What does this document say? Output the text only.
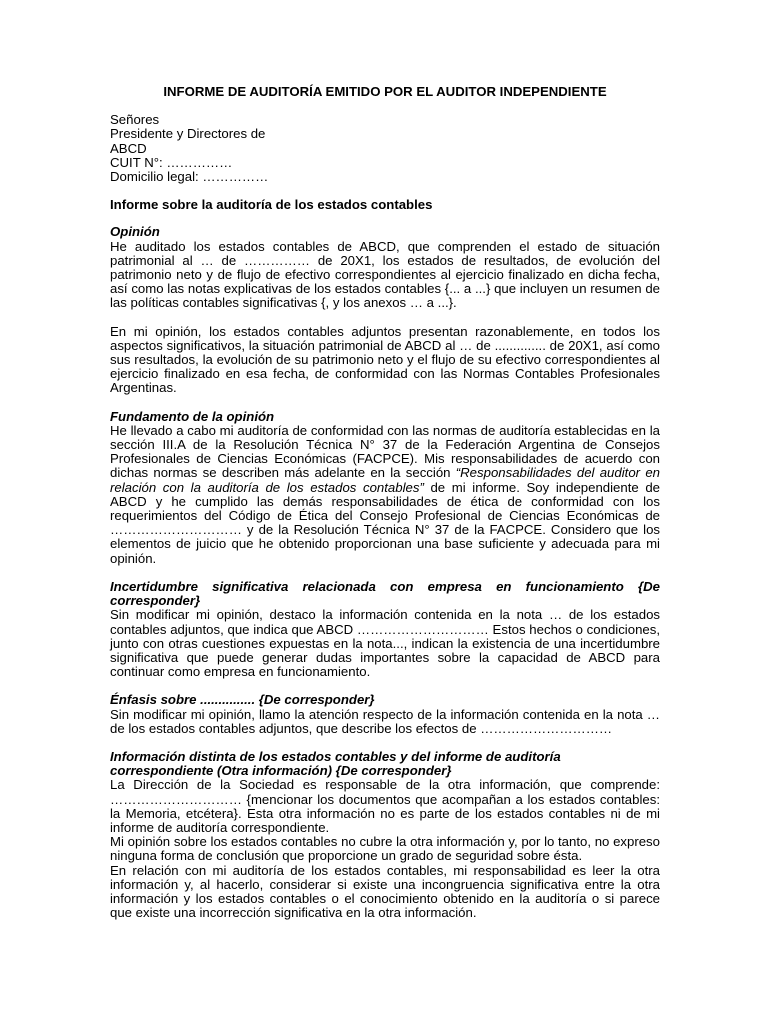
INFORME DE AUDITORÍA EMITIDO POR EL AUDITOR INDEPENDIENTE
Señores
Presidente y Directores de
ABCD
CUIT N°: ……………
Domicilio legal: ……………
Informe sobre la auditoría de los estados contables
Opinión

He auditado los estados contables de ABCD, que comprenden el estado de situación patrimonial al … de …………… de 20X1, los estados de resultados, de evolución del patrimonio neto y de flujo de efectivo correspondientes al ejercicio finalizado en dicha fecha, así como las notas explicativas de los estados contables {... a ...} que incluyen un resumen de las políticas contables significativas {, y los anexos … a ...}.

En mi opinión, los estados contables adjuntos presentan razonablemente, en todos los aspectos significativos, la situación patrimonial de ABCD al … de .............. de 20X1, así como sus resultados, la evolución de su patrimonio neto y el flujo de su efectivo correspondientes al ejercicio finalizado en esa fecha, de conformidad con las Normas Contables Profesionales Argentinas.

Fundamento de la opinión

He llevado a cabo mi auditoría de conformidad con las normas de auditoría establecidas en la sección III.A de la Resolución Técnica N° 37 de la Federación Argentina de Consejos Profesionales de Ciencias Económicas (FACPCE). Mis responsabilidades de acuerdo con dichas normas se describen más adelante en la sección “Responsabilidades del auditor en relación con la auditoría de los estados contables” de mi informe. Soy independiente de ABCD y he cumplido las demás responsabilidades de ética de conformidad con los requerimientos del Código de Ética del Consejo Profesional de Ciencias Económicas de ………………………… y de la Resolución Técnica N° 37 de la FACPCE. Considero que los elementos de juicio que he obtenido proporcionan una base suficiente y adecuada para mi opinión.

Incertidumbre significativa relacionada con empresa en funcionamiento {De corresponder}

Sin modificar mi opinión, destaco la información contenida en la nota … de los estados contables adjuntos, que indica que ABCD ………………………… Estos hechos o condiciones, junto con otras cuestiones expuestas en la nota..., indican la existencia de una incertidumbre significativa que puede generar dudas importantes sobre la capacidad de ABCD para continuar como empresa en funcionamiento.

Énfasis sobre ............... {De corresponder}

Sin modificar mi opinión, llamo la atención respecto de la información contenida en la nota … de los estados contables adjuntos, que describe los efectos de …………………………

Información distinta de los estados contables y del informe de auditoría correspondiente (Otra información) {De corresponder}

La Dirección de la Sociedad es responsable de la otra información, que comprende: ………………………… {mencionar los documentos que acompañan a los estados contables: la Memoria, etcétera}. Esta otra información no es parte de los estados contables ni de mi informe de auditoría correspondiente.

Mi opinión sobre los estados contables no cubre la otra información y, por lo tanto, no expreso ninguna forma de conclusión que proporcione un grado de seguridad sobre ésta.

En relación con mi auditoría de los estados contables, mi responsabilidad es leer la otra información y, al hacerlo, considerar si existe una incongruencia significativa entre la otra información y los estados contables o el conocimiento obtenido en la auditoría o si parece que existe una incorrección significativa en la otra información.
